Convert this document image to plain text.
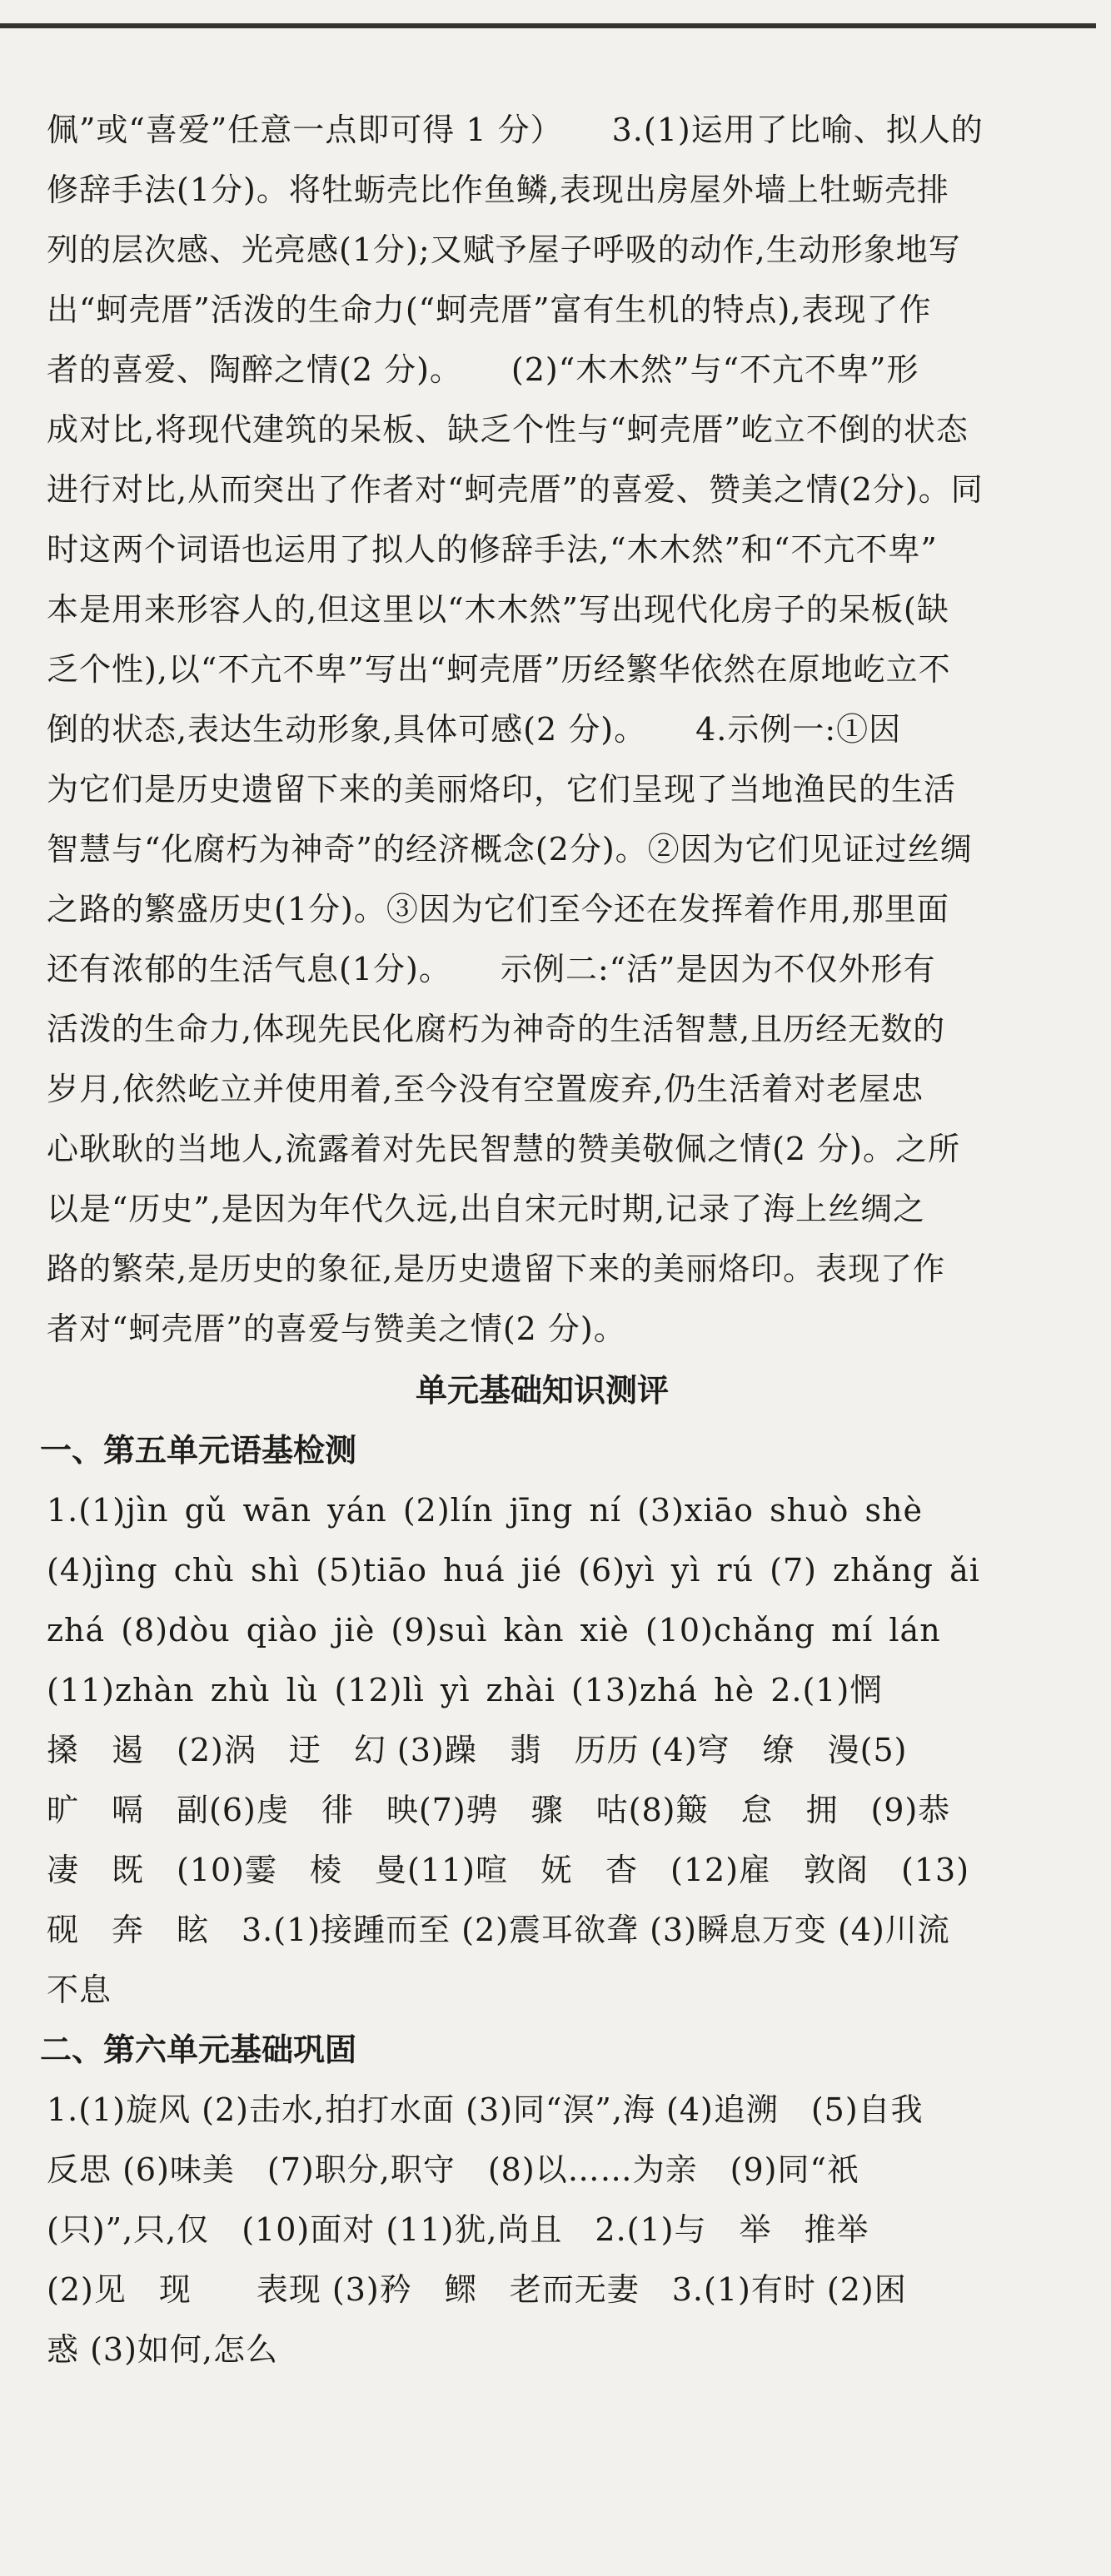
佩”或“喜爱”任意一点即可得 1 分）　　3.(1)运用了比喻、拟人的
修辞手法(1分)。将牡蛎壳比作鱼鳞,表现出房屋外墙上牡蛎壳排
列的层次感、光亮感(1分);又赋予屋子呼吸的动作,生动形象地写
出“蚵壳厝”活泼的生命力(“蚵壳厝”富有生机的特点),表现了作
者的喜爱、陶醉之情(2 分)。　　(2)“木木然”与“不亢不卑”形
成对比,将现代建筑的呆板、缺乏个性与“蚵壳厝”屹立不倒的状态
进行对比,从而突出了作者对“蚵壳厝”的喜爱、赞美之情(2分)。同
时这两个词语也运用了拟人的修辞手法,“木木然”和“不亢不卑”
本是用来形容人的,但这里以“木木然”写出现代化房子的呆板(缺
乏个性),以“不亢不卑”写出“蚵壳厝”历经繁华依然在原地屹立不
倒的状态,表达生动形象,具体可感(2 分)。　　4.示例一:①因
为它们是历史遗留下来的美丽烙印，它们呈现了当地渔民的生活
智慧与“化腐朽为神奇”的经济概念(2分)。②因为它们见证过丝绸
之路的繁盛历史(1分)。③因为它们至今还在发挥着作用,那里面
还有浓郁的生活气息(1分)。　　示例二:“活”是因为不仅外形有
活泼的生命力,体现先民化腐朽为神奇的生活智慧,且历经无数的
岁月,依然屹立并使用着,至今没有空置废弃,仍生活着对老屋忠
心耿耿的当地人,流露着对先民智慧的赞美敬佩之情(2 分)。之所
以是“历史”,是因为年代久远,出自宋元时期,记录了海上丝绸之
路的繁荣,是历史的象征,是历史遗留下来的美丽烙印。表现了作
者对“蚵壳厝”的喜爱与赞美之情(2 分)。
单元基础知识测评
一、第五单元语基检测
1.(1)jìn gǔ wān yán (2)lín jīng ní (3)xiāo shuò shè
(4)jìng chù shì (5)tiāo huá jié (6)yì yì rú (7) zhǎng ǎi
zhá (8)dòu qiào jiè (9)suì kàn xiè (10)chǎng mí lán
(11)zhàn zhù lù (12)lì yì zhài (13)zhá hè 2.(1)惘
搡　遏　(2)涡　迂　幻 (3)躁　翡　历历 (4)穹　缭　漫(5)
旷　嗝　副(6)虔　徘　映(7)骋　骤　咕(8)簸　怠　拥　(9)恭
凄　既　(10)霎　棱　曼(11)喧　妩　杳　(12)雇　敦阁　(13)
砚　奔　眩　3.(1)接踵而至 (2)震耳欲聋 (3)瞬息万变 (4)川流
不息
二、第六单元基础巩固
1.(1)旋风 (2)击水,拍打水面 (3)同“溟”,海 (4)追溯　(5)自我
反思 (6)味美　(7)职分,职守　(8)以……为亲　(9)同“祇
(只)”,只,仅　(10)面对 (11)犹,尚且　2.(1)与　举　推举
(2)见　现　　表现 (3)矜　鳏　老而无妻　3.(1)有时 (2)困
惑 (3)如何,怎么
